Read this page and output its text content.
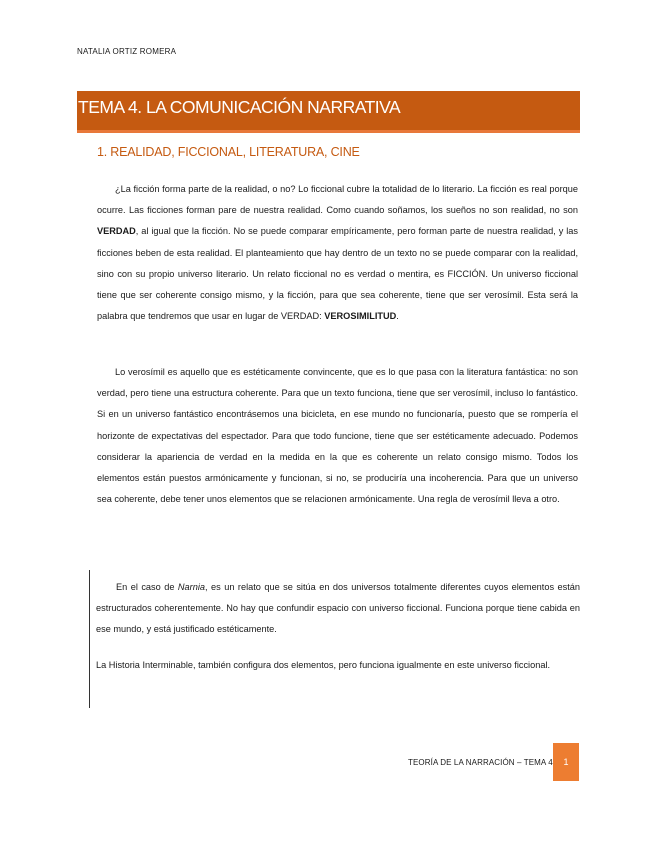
NATALIA ORTIZ ROMERA
TEMA 4. LA COMUNICACIÓN NARRATIVA
1. REALIDAD, FICCIONAL, LITERATURA, CINE

¿La ficción forma parte de la realidad, o no? Lo ficcional cubre la totalidad de lo literario. La ficción es real porque ocurre. Las ficciones forman pare de nuestra realidad. Como cuando soñamos, los sueños no son realidad, no son VERDAD, al igual que la ficción. No se puede comparar empíricamente, pero forman parte de nuestra realidad, y las ficciones beben de esta realidad. El planteamiento que hay dentro de un texto no se puede comparar con la realidad, sino con su propio universo literario. Un relato ficcional no es verdad o mentira, es FICCIÓN. Un universo ficcional tiene que ser coherente consigo mismo, y la ficción, para que sea coherente, tiene que ser verosímil. Esta será la palabra que tendremos que usar en lugar de VERDAD: VEROSIMILITUD.

Lo verosímil es aquello que es estéticamente convincente, que es lo que pasa con la literatura fantástica: no son verdad, pero tiene una estructura coherente. Para que un texto funciona, tiene que ser verosímil, incluso lo fantástico. Si en un universo fantástico encontrásemos una bicicleta, en ese mundo no funcionaría, puesto que se rompería el horizonte de expectativas del espectador. Para que todo funcione, tiene que ser estéticamente adecuado. Podemos considerar la apariencia de verdad en la medida en la que es coherente un relato consigo mismo. Todos los elementos están puestos armónicamente y funcionan, si no, se produciría una incoherencia. Para que un universo sea coherente, debe tener unos elementos que se relacionen armónicamente. Una regla de verosímil lleva a otro.

En el caso de Narnia, es un relato que se sitúa en dos universos totalmente diferentes cuyos elementos están estructurados coherentemente. No hay que confundir espacio con universo ficcional. Funciona porque tiene cabida en ese mundo, y está justificado estéticamente.

La Historia Interminable, también configura dos elementos, pero funciona igualmente en este universo ficcional.

TEORÍA DE LA NARRACIÓN – TEMA 4	1
